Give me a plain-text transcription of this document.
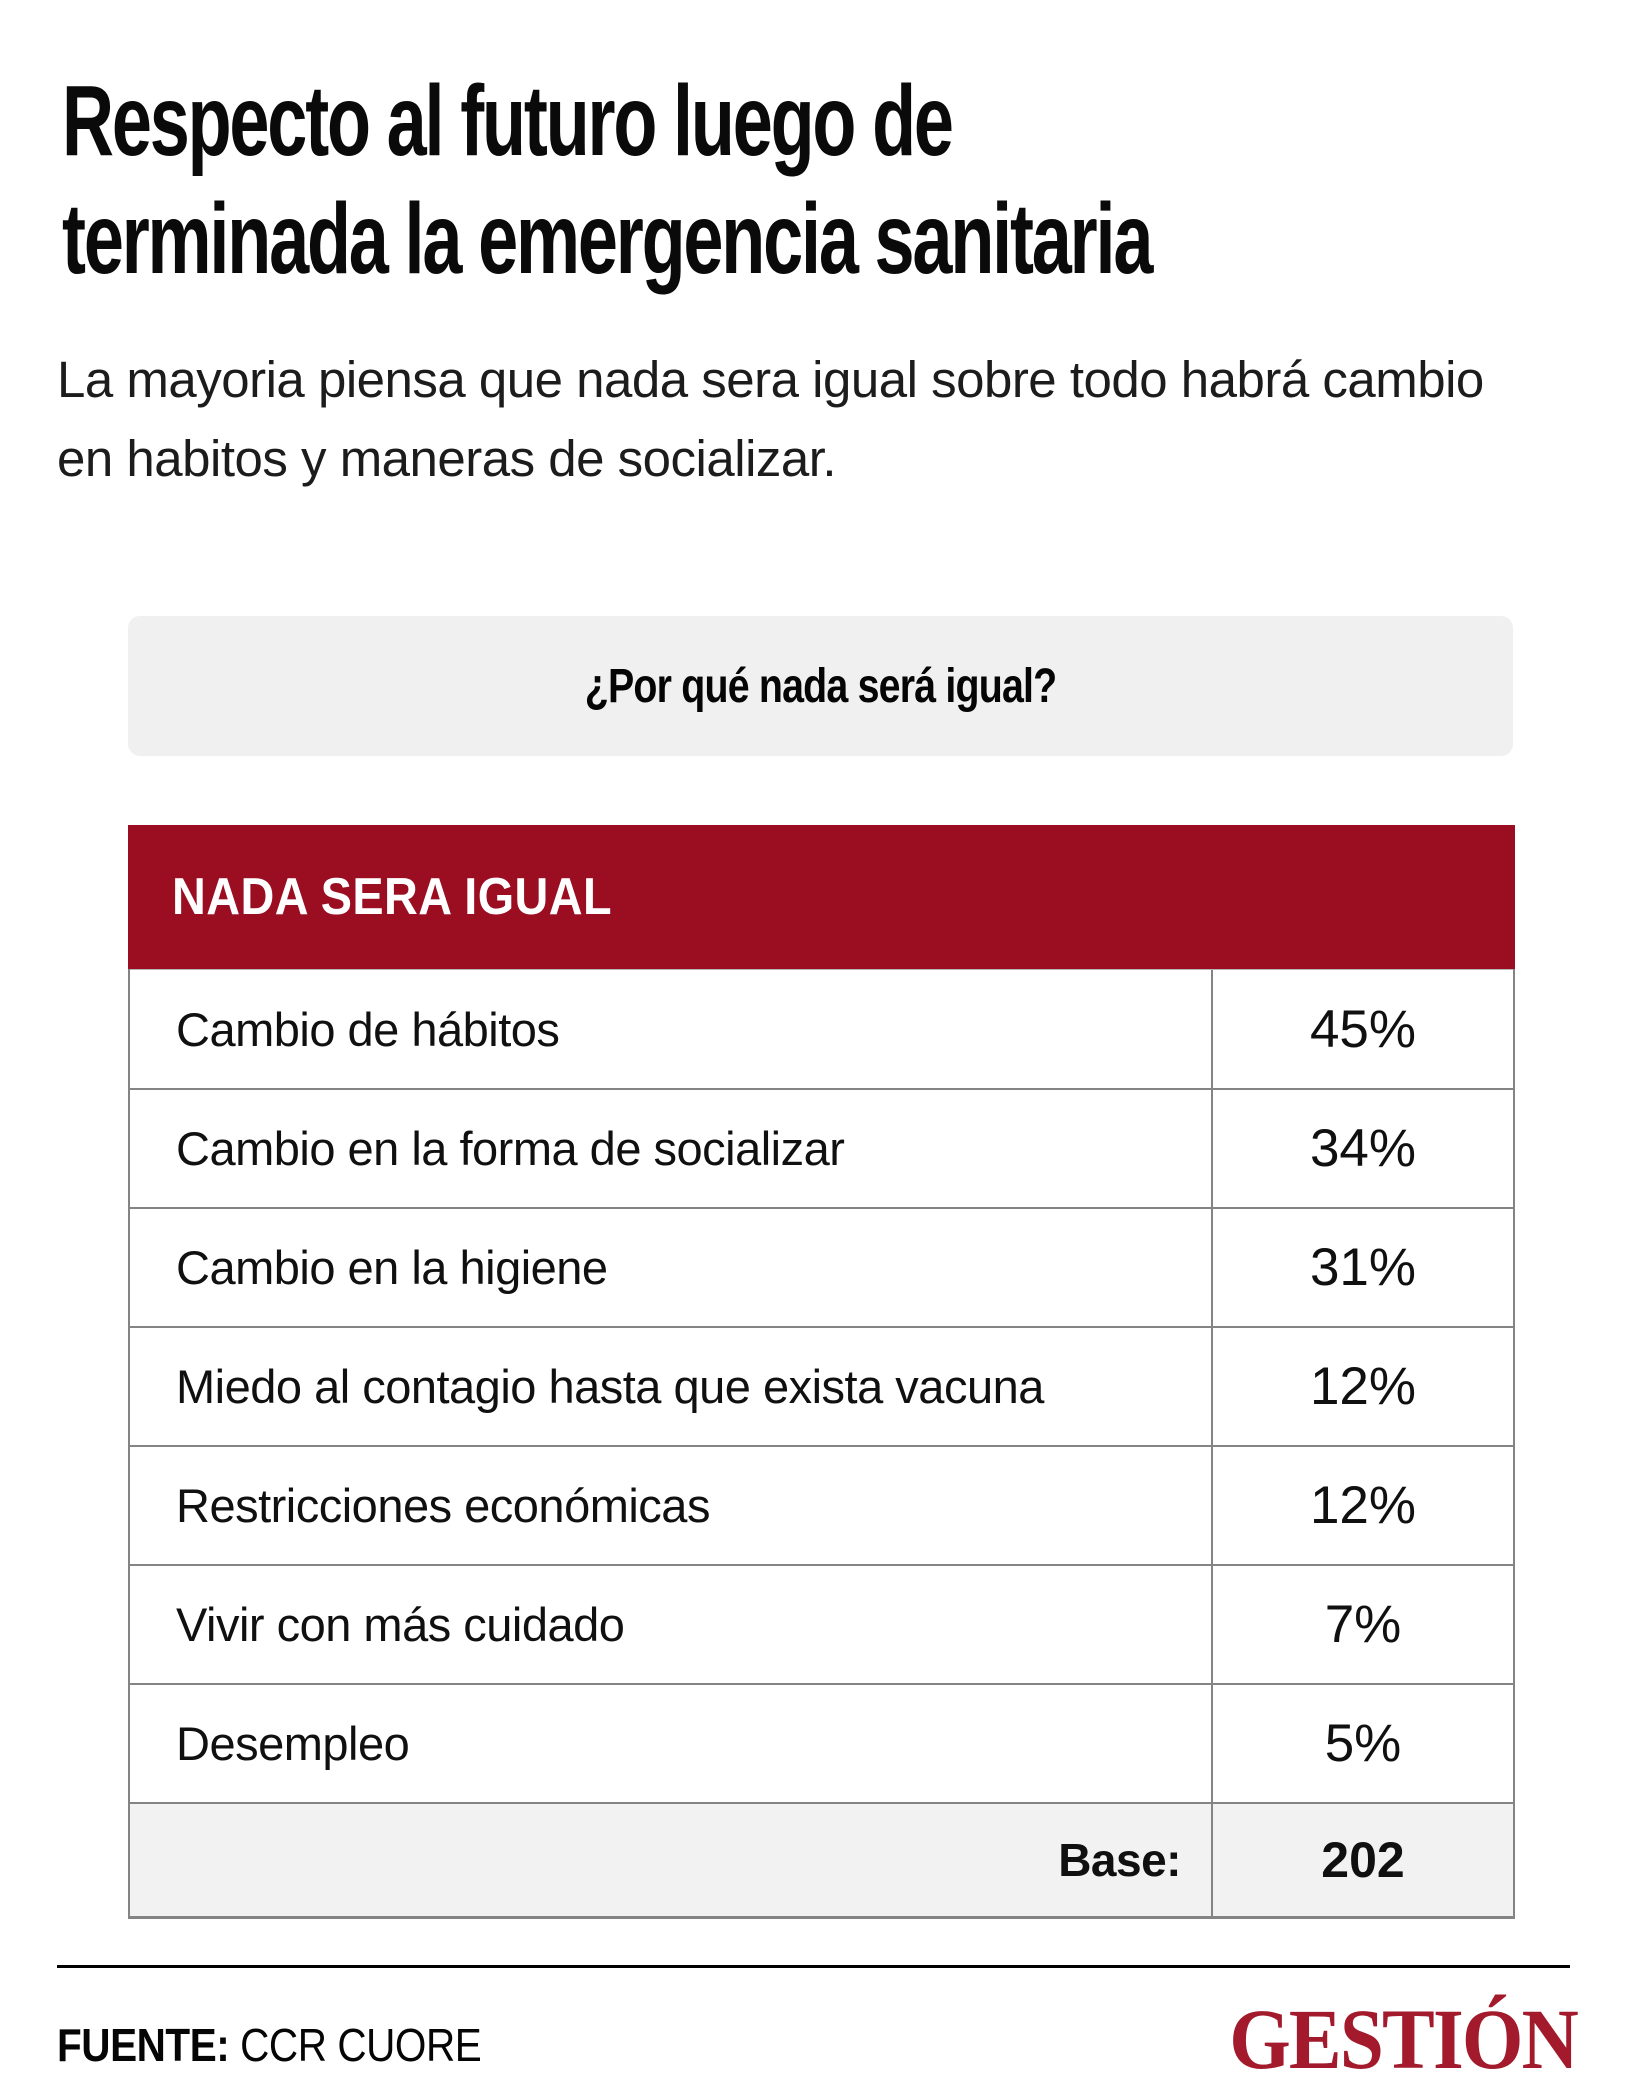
Respecto al futuro luego de
terminada la emergencia sanitaria

La mayoria piensa que nada sera igual sobre todo habrá cambio en habitos y maneras de socializar.

¿Por qué nada será igual?
NADA SERA IGUAL
Cambio de hábitos	45%
Cambio en la forma de socializar	34%
Cambio en la higiene	31%
Miedo al contagio hasta que exista vacuna	12%
Restricciones económicas	12%
Vivir con más cuidado	7%
Desempleo	5%
Base:	202
FUENTE: CCR CUORE	GESTIÓN
